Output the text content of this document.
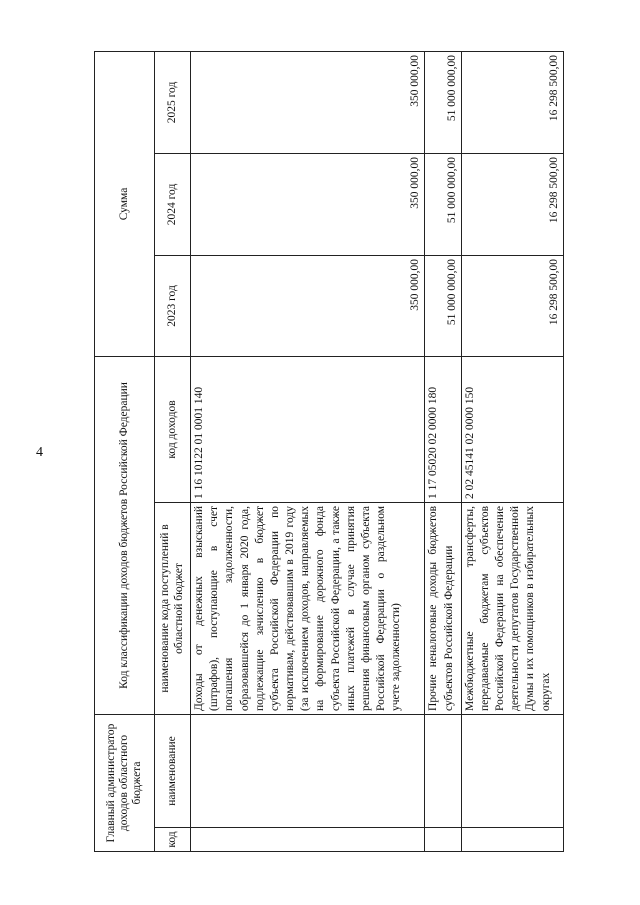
4
Главный администратор доходов областного бюджета		Код классификации доходов бюджетов Российской Федерации		Сумма		
код	наименование	наименование кода поступлений в областной бюджет	код доходов	2023 год	2024 год	2025 год
		Доходы от денежных взысканий (штрафов), поступающие в счет погашения задолженности, образовавшейся до 1 января 2020 года, подлежащие зачислению в бюджет субъекта Российской Федерации по нормативам, действовавшим в 2019 году (за исключением доходов, направляемых на формирование дорожного фонда субъекта Российской Федерации, а также иных платежей в случае принятия решения финансовым органом субъекта Российской Федерации о раздельном учете задолженности)	1 16 10122 01 0001 140	350 000,00	350 000,00	350 000,00
		Прочие неналоговые доходы бюджетов субъектов Российской Федерации	1 17 05020 02 0000 180	51 000 000,00	51 000 000,00	51 000 000,00
		Межбюджетные трансферты, передаваемые бюджетам субъектов Российской Федерации на обеспечение деятельности депутатов Государственной Думы и их помощников в избирательных округах	2 02 45141 02 0000 150	16 298 500,00	16 298 500,00	16 298 500,00
